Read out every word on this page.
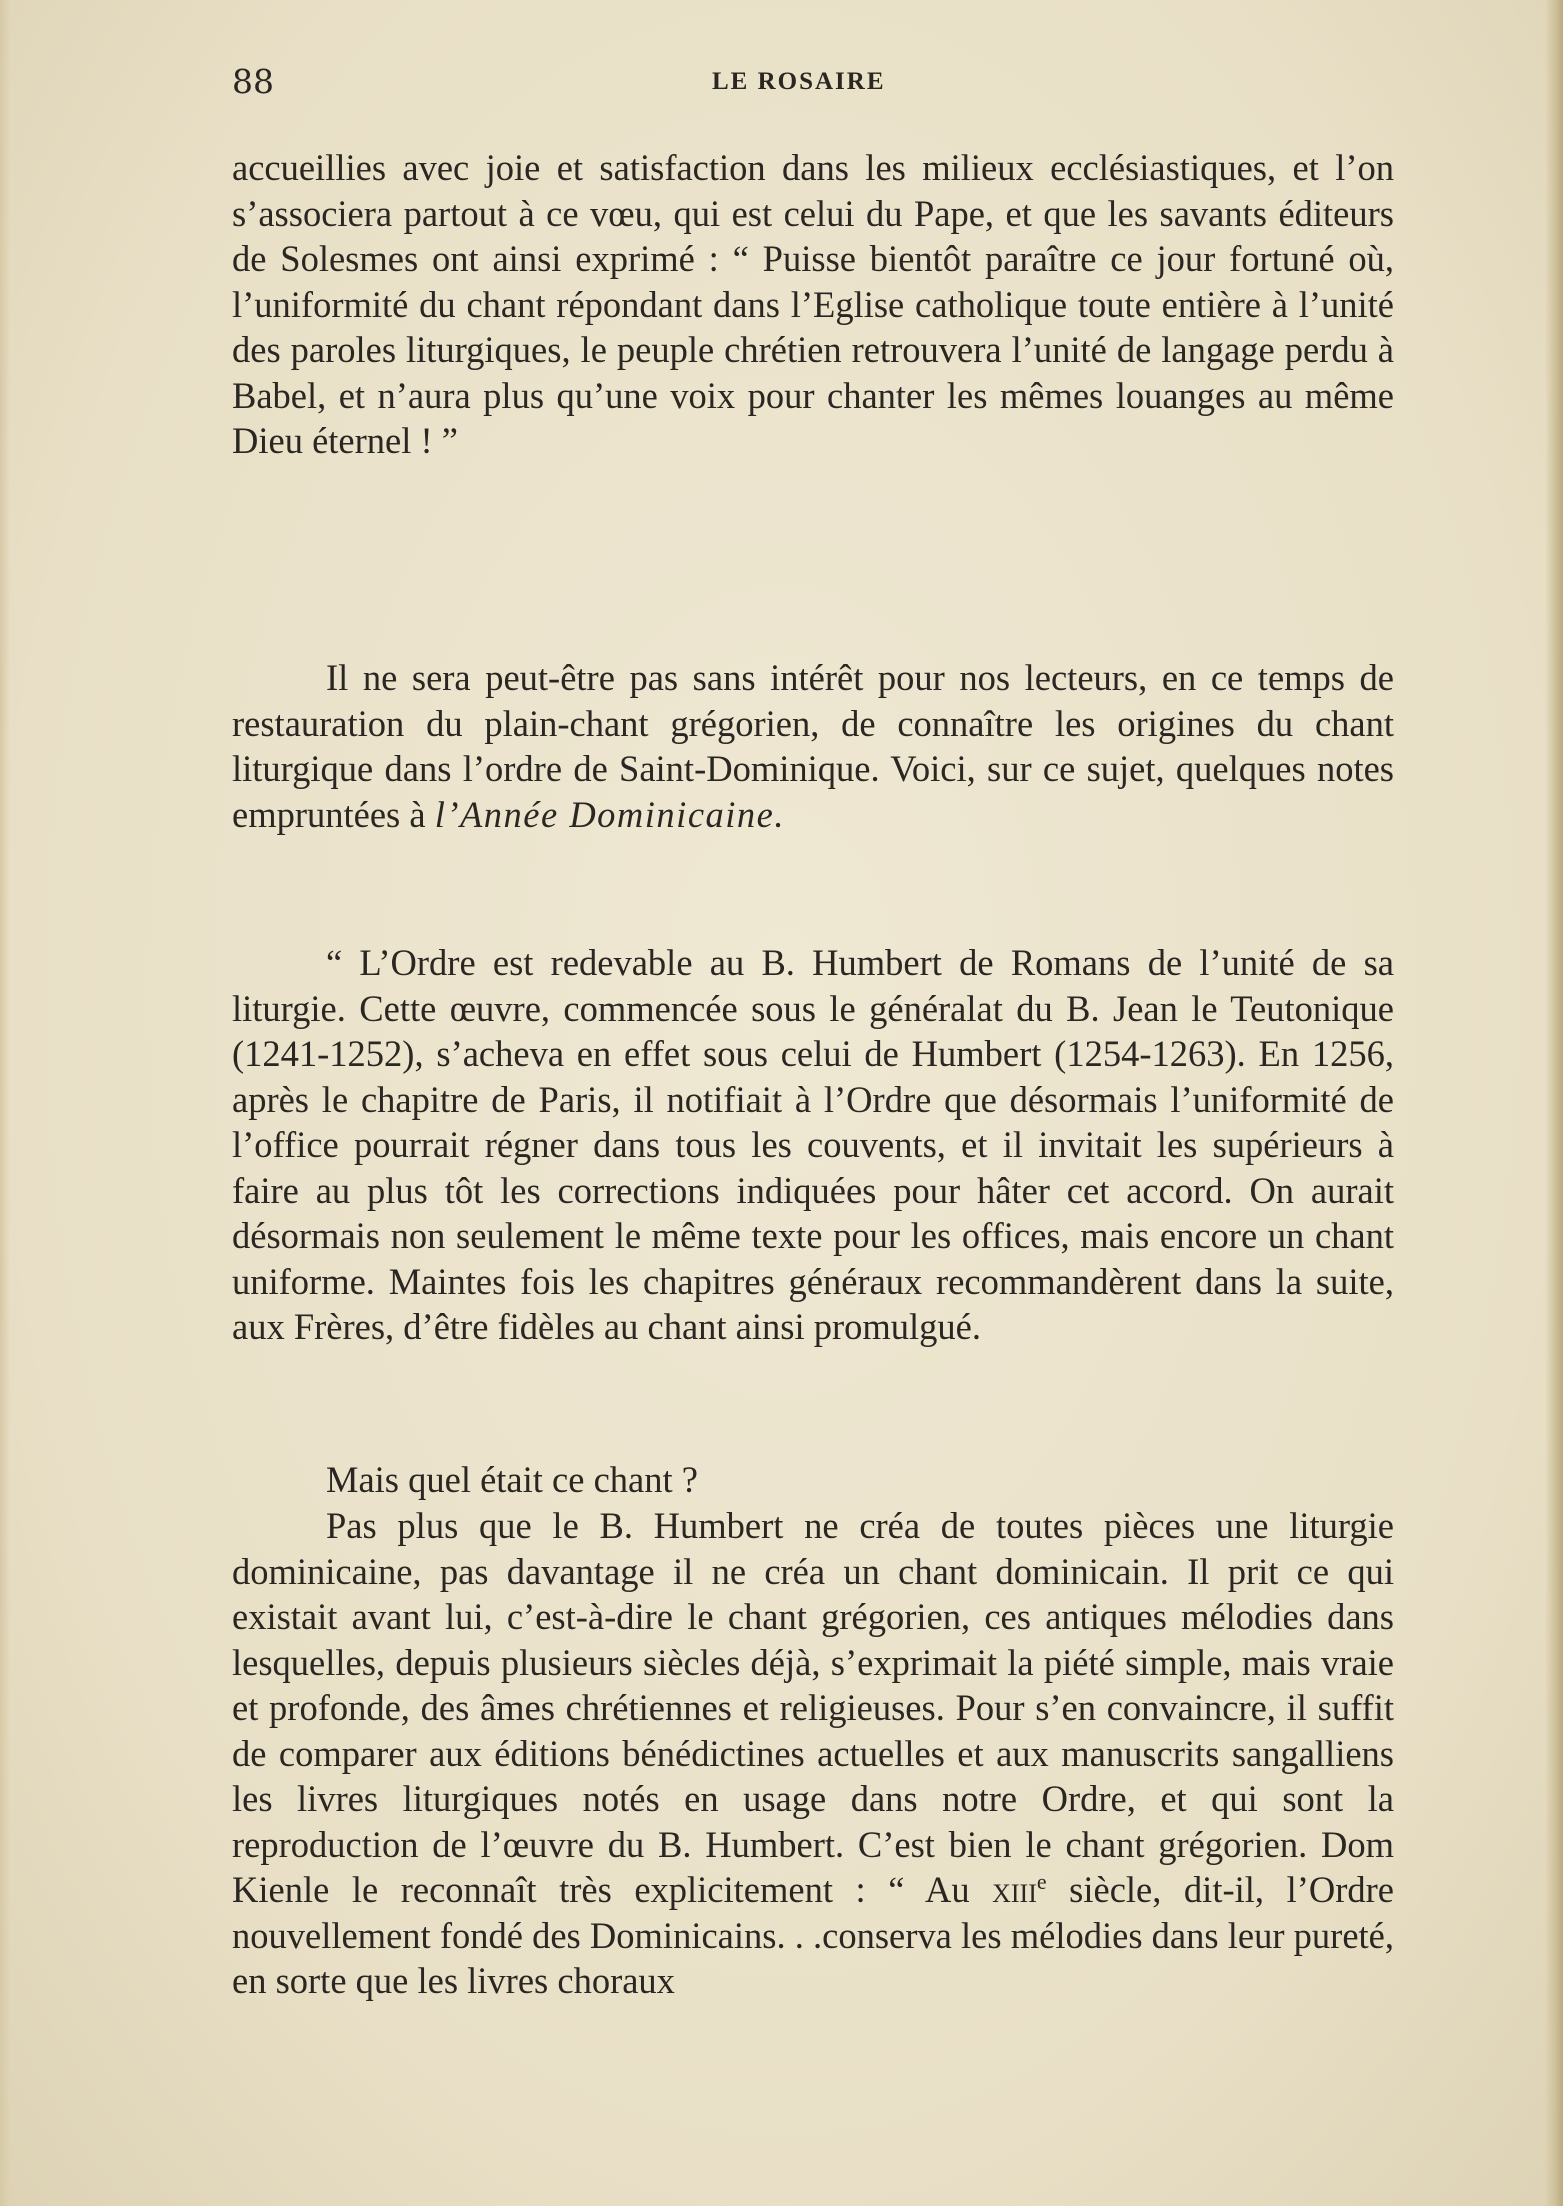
88	LE ROSAIRE

accueillies avec joie et satisfaction dans les milieux ecclésiastiques, et l’on s’associera partout à ce vœu, qui est celui du Pape, et que les savants éditeurs de Solesmes ont ainsi exprimé : “ Puisse bientôt paraître ce jour fortuné où, l’uniformité du chant répondant dans l’Eglise catholique toute entière à l’unité des paroles liturgiques, le peuple chrétien retrouvera l’unité de langage perdu à Babel, et n’aura plus qu’une voix pour chanter les mêmes louanges au même Dieu éternel ! ”

Il ne sera peut-être pas sans intérêt pour nos lecteurs, en ce temps de restauration du plain-chant grégorien, de connaître les origines du chant liturgique dans l’ordre de Saint-Dominique. Voici, sur ce sujet, quelques notes empruntées à l’Année Dominicaine.

“ L’Ordre est redevable au B. Humbert de Romans de l’unité de sa liturgie. Cette œuvre, commencée sous le généralat du B. Jean le Teutonique (1241-1252), s’acheva en effet sous celui de Humbert (1254-1263). En 1256, après le chapitre de Paris, il notifiait à l’Ordre que désormais l’uniformité de l’office pourrait régner dans tous les couvents, et il invitait les supérieurs à faire au plus tôt les corrections indiquées pour hâter cet accord. On aurait désormais non seulement le même texte pour les offices, mais encore un chant uniforme. Maintes fois les chapitres généraux recommandèrent dans la suite, aux Frères, d’être fidèles au chant ainsi promulgué.

Mais quel était ce chant ?

Pas plus que le B. Humbert ne créa de toutes pièces une liturgie dominicaine, pas davantage il ne créa un chant dominicain. Il prit ce qui existait avant lui, c’est-à-dire le chant grégorien, ces antiques mélodies dans lesquelles, depuis plusieurs siècles déjà, s’exprimait la piété simple, mais vraie et profonde, des âmes chrétiennes et religieuses. Pour s’en convaincre, il suffit de comparer aux éditions bénédictines actuelles et aux manuscrits sangalliens les livres liturgiques notés en usage dans notre Ordre, et qui sont la reproduction de l’œuvre du B. Humbert. C’est bien le chant grégorien. Dom Kienle le reconnaît très explicitement : “ Au xiii$^e$ siècle, dit-il, l’Ordre nouvellement fondé des Dominicains. . .conserva les mélodies dans leur pureté, en sorte que les livres choraux
